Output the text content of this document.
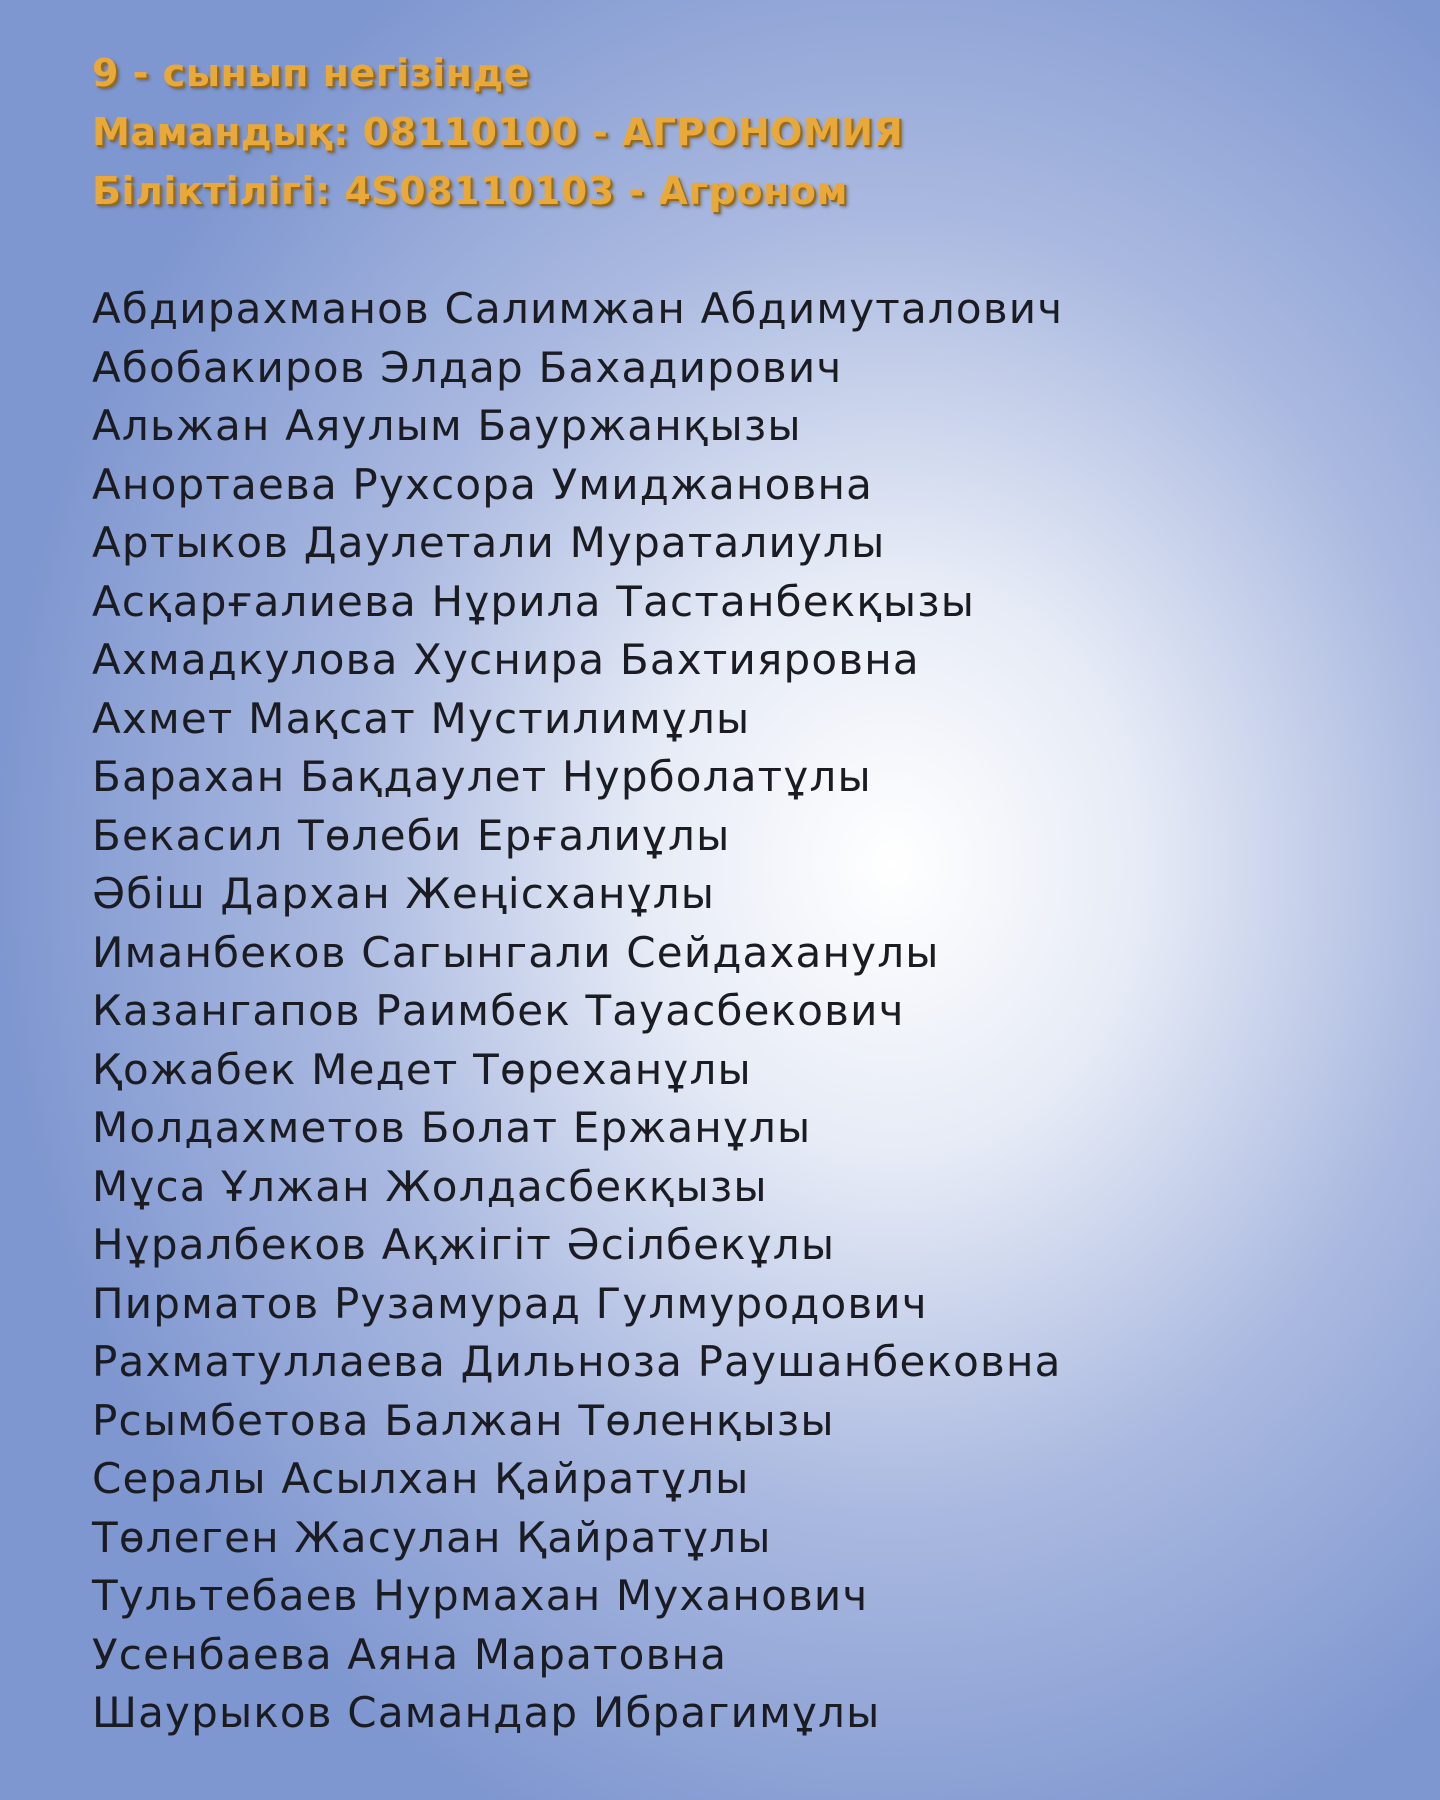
9 - сынып негізінде
Мамандық: 08110100 - АГРОНОМИЯ
Біліктілігі: 4S08110103 - Агроном
Абдирахманов Салимжан Абдимуталович
Абобакиров Элдар Бахадирович
Альжан Аяулым Бауржанқызы
Анортаева Рухсора Умиджановна
Артыков Даулетали Мураталиулы
Асқарғалиева Нұрила Тастанбекқызы
Ахмадкулова Хуснира Бахтияровна
Ахмет Мақсат Мустилимұлы
Барахан Бақдаулет Нурболатұлы
Бекасил Төлеби Ерғалиұлы
Әбіш Дархан Жеңісханұлы
Иманбеков Сагынгали Сейдаханулы
Казангапов Раимбек Тауасбекович
Қожабек Медет Төреханұлы
Молдахметов Болат Ержанұлы
Мұса Ұлжан Жолдасбекқызы
Нұралбеков Ақжігіт Әсілбекұлы
Пирматов Рузамурад Гулмуродович
Рахматуллаева Дильноза Раушанбековна
Рсымбетова Балжан Төленқызы
Сералы Асылхан Қайратұлы
Төлеген Жасулан Қайратұлы
Тультебаев Нурмахан Муханович
Усенбаева Аяна Маратовна
Шаурыков Самандар Ибрагимұлы
